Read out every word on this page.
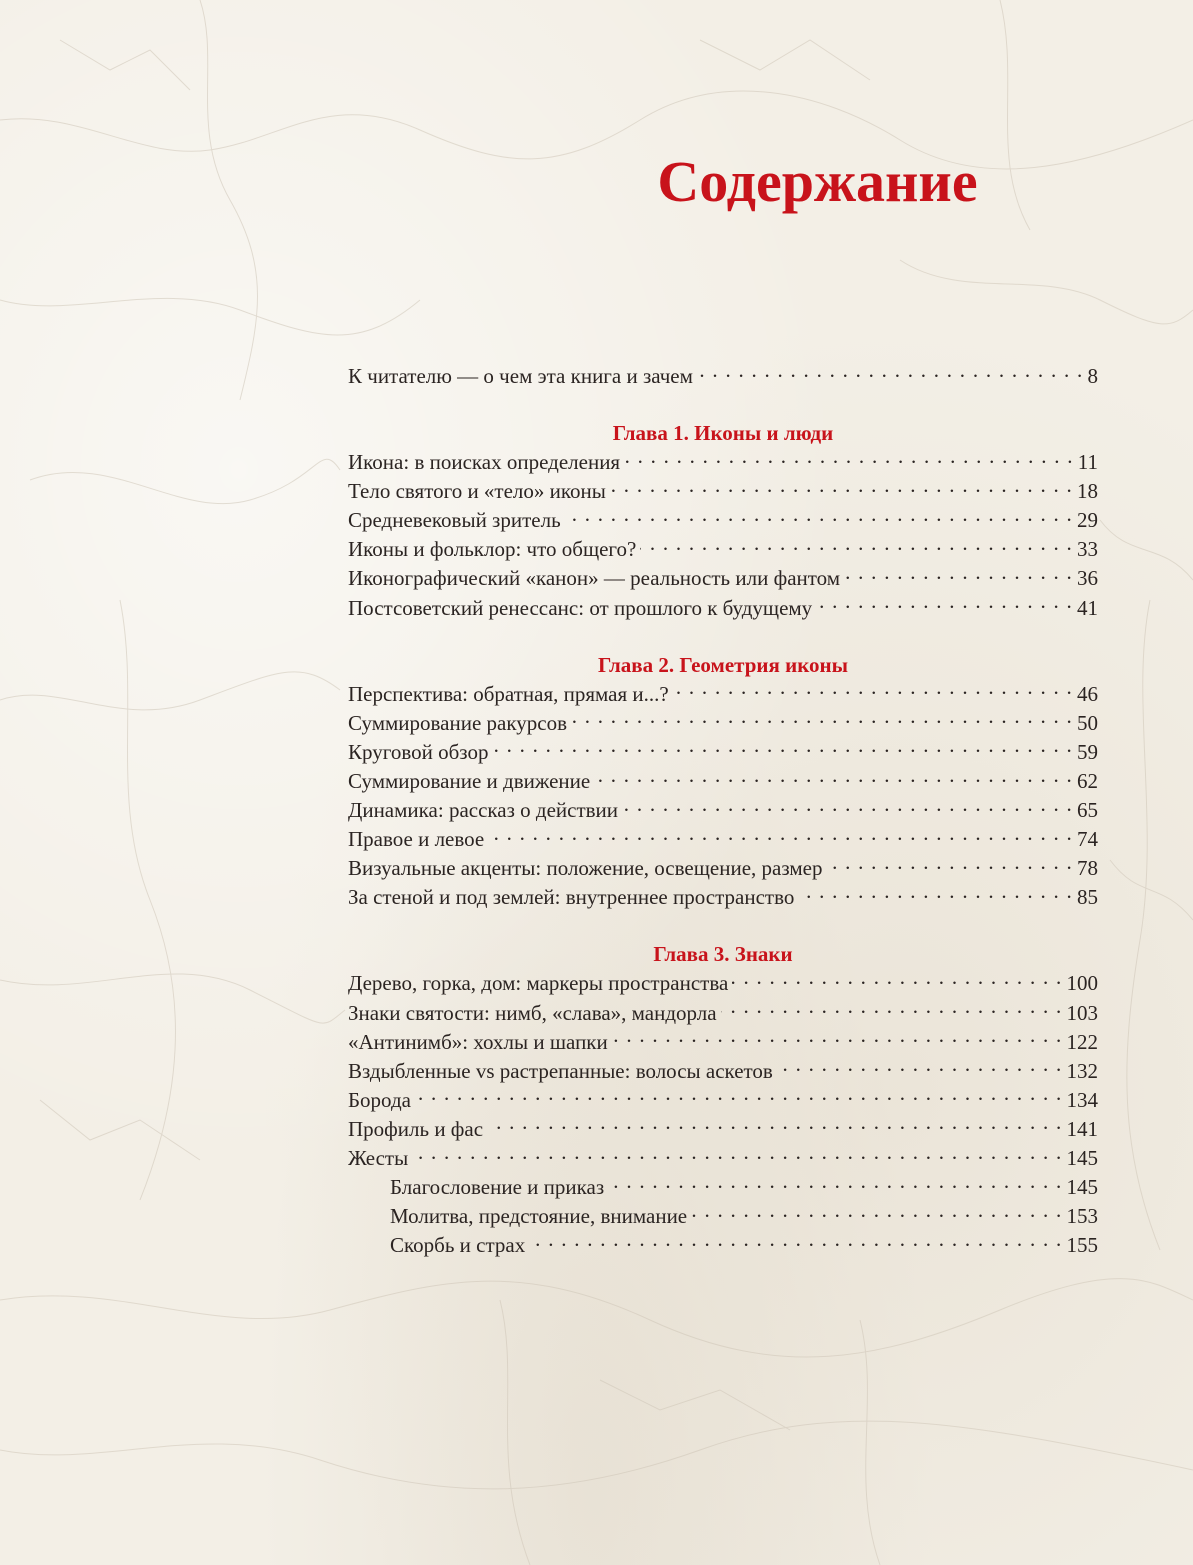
Содержание
К читателю — о чем эта книга и зачем . . .	8
Глава 1. Иконы и люди
Икона: в поисках определения . . .	11
Тело святого и «тело» иконы . . .	18
Средневековый зритель . . .	29
Иконы и фольклор: что общего? . . .	33
Иконографический «канон» — реальность или фантом . . .	36
Постсоветский ренессанс: от прошлого к будущему . . .	41
Глава 2. Геометрия иконы
Перспектива: обратная, прямая и...? . . .	46
Суммирование ракурсов . . .	50
Круговой обзор . . .	59
Суммирование и движение . . .	62
Динамика: рассказ о действии . . .	65
Правое и левое . . .	74
Визуальные акценты: положение, освещение, размер . . .	78
За стеной и под землей: внутреннее пространство . . .	85
Глава 3. Знаки
Дерево, горка, дом: маркеры пространства . . .	100
Знаки святости: нимб, «слава», мандорла . . .	103
«Антинимб»: хохлы и шапки . . .	122
Вздыбленные vs растрепанные: волосы аскетов . . .	132
Борода . . .	134
Профиль и фас . . .	141
Жесты . . .	145
Благословение и приказ . . .	145
Молитва, предстояние, внимание . . .	153
Скорбь и страх . . .	155
